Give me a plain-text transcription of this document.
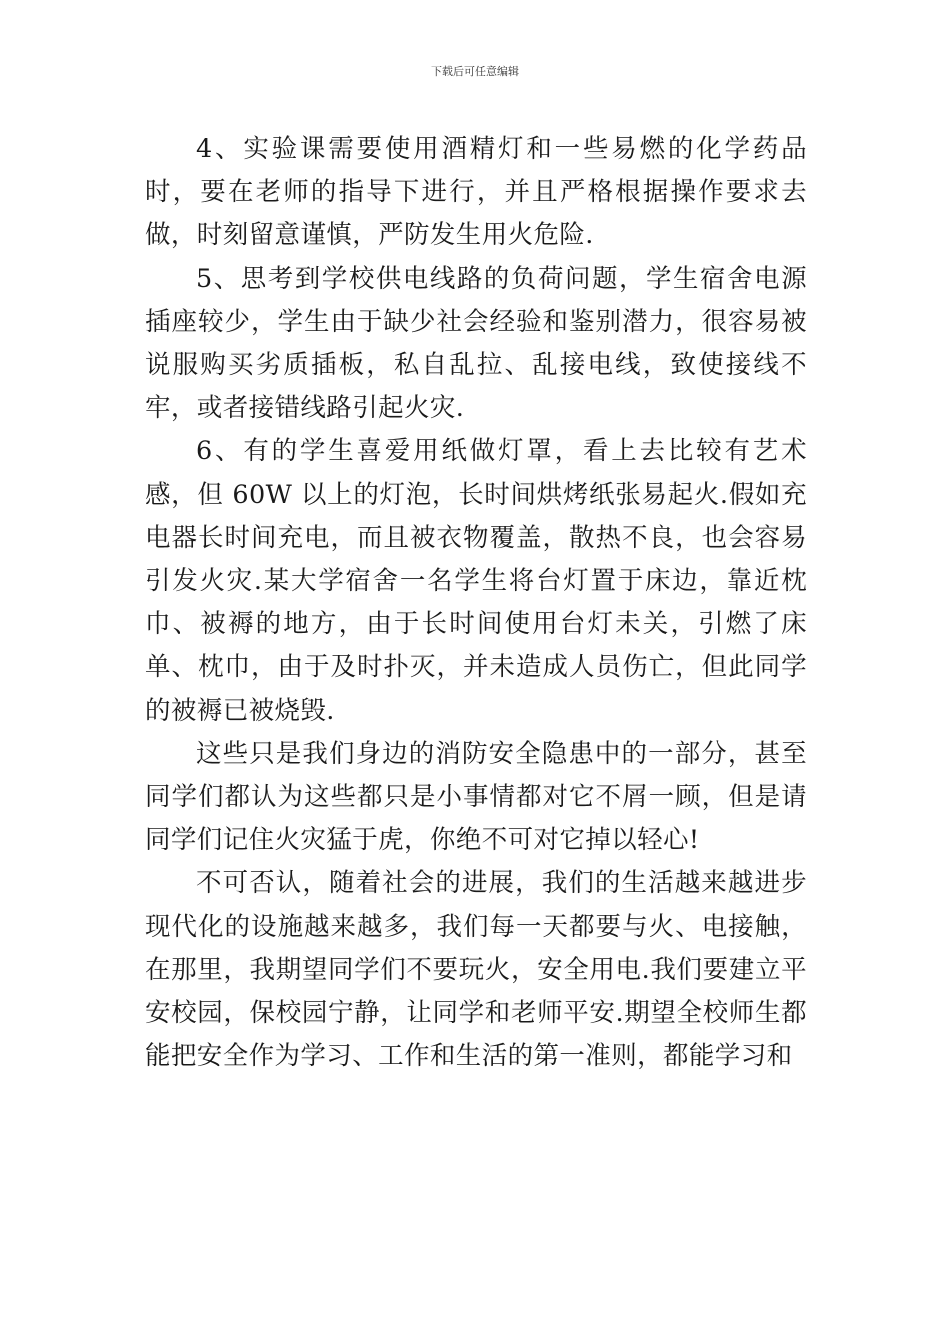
下载后可任意编辑

4、实验课需要使用酒精灯和一些易燃的化学药品时，要在老师的指导下进行，并且严格根据操作要求去做，时刻留意谨慎，严防发生用火危险.

5、思考到学校供电线路的负荷问题，学生宿舍电源插座较少，学生由于缺少社会经验和鉴别潜力，很容易被说服购买劣质插板，私自乱拉、乱接电线，致使接线不牢，或者接错线路引起火灾.

6、有的学生喜爱用纸做灯罩，看上去比较有艺术感，但 60W 以上的灯泡，长时间烘烤纸张易起火.假如充电器长时间充电，而且被衣物覆盖，散热不良，也会容易引发火灾.某大学宿舍一名学生将台灯置于床边，靠近枕巾、被褥的地方，由于长时间使用台灯未关，引燃了床单、枕巾，由于及时扑灭，并未造成人员伤亡，但此同学的被褥已被烧毁.

这些只是我们身边的消防安全隐患中的一部分，甚至同学们都认为这些都只是小事情都对它不屑一顾，但是请同学们记住火灾猛于虎，你绝不可对它掉以轻心!

不可否认，随着社会的进展，我们的生活越来越进步现代化的设施越来越多，我们每一天都要与火、电接触，在那里，我期望同学们不要玩火，安全用电.我们要建立平安校园，保校园宁静，让同学和老师平安.期望全校师生都能把安全作为学习、工作和生活的第一准则，都能学习和
